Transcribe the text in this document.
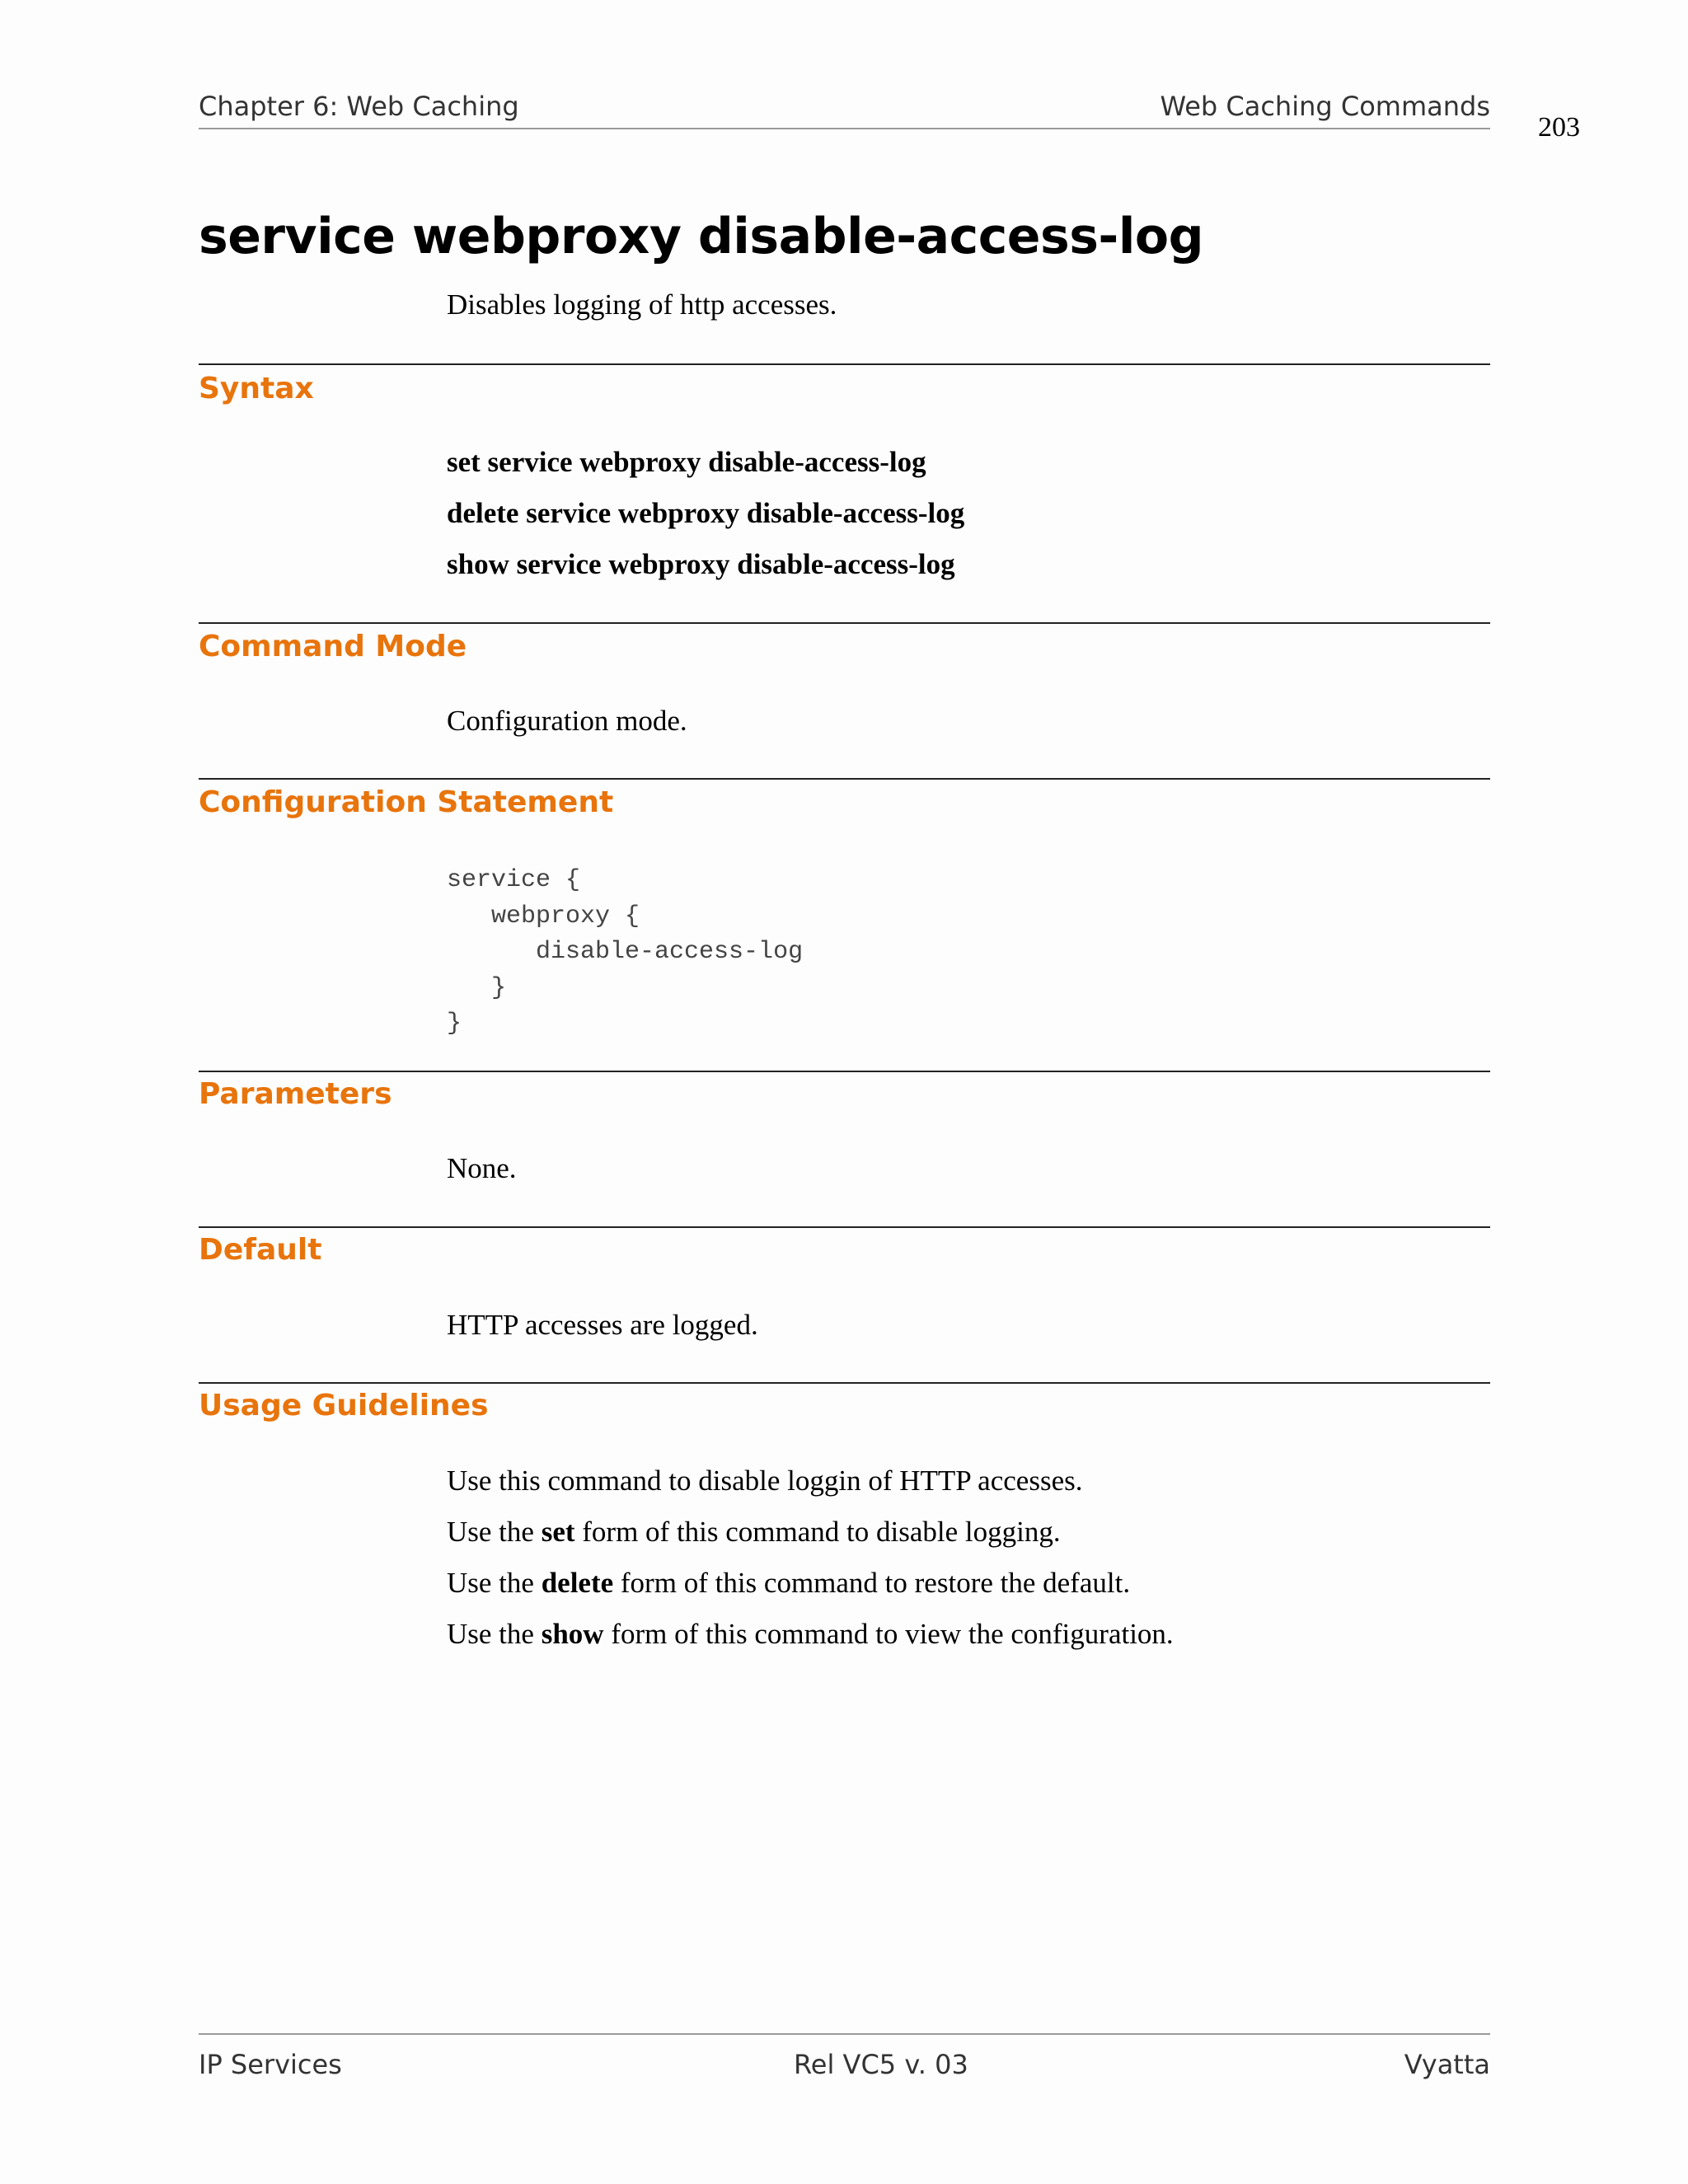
Chapter 6: Web Caching	Web Caching Commands
203
service webproxy disable-access-log
Disables logging of http accesses.
Syntax
set service webproxy disable-access-log
delete service webproxy disable-access-log
show service webproxy disable-access-log
Command Mode
Configuration mode.
Configuration Statement
service {
webproxy {
disable-access-log
}
}
Parameters
None.
Default
HTTP accesses are logged.
Usage Guidelines
Use this command to disable loggin of HTTP accesses.
Use the set form of this command to disable logging.
Use the delete form of this command to restore the default.
Use the show form of this command to view the configuration.
IP Services	Rel VC5 v. 03	Vyatta
